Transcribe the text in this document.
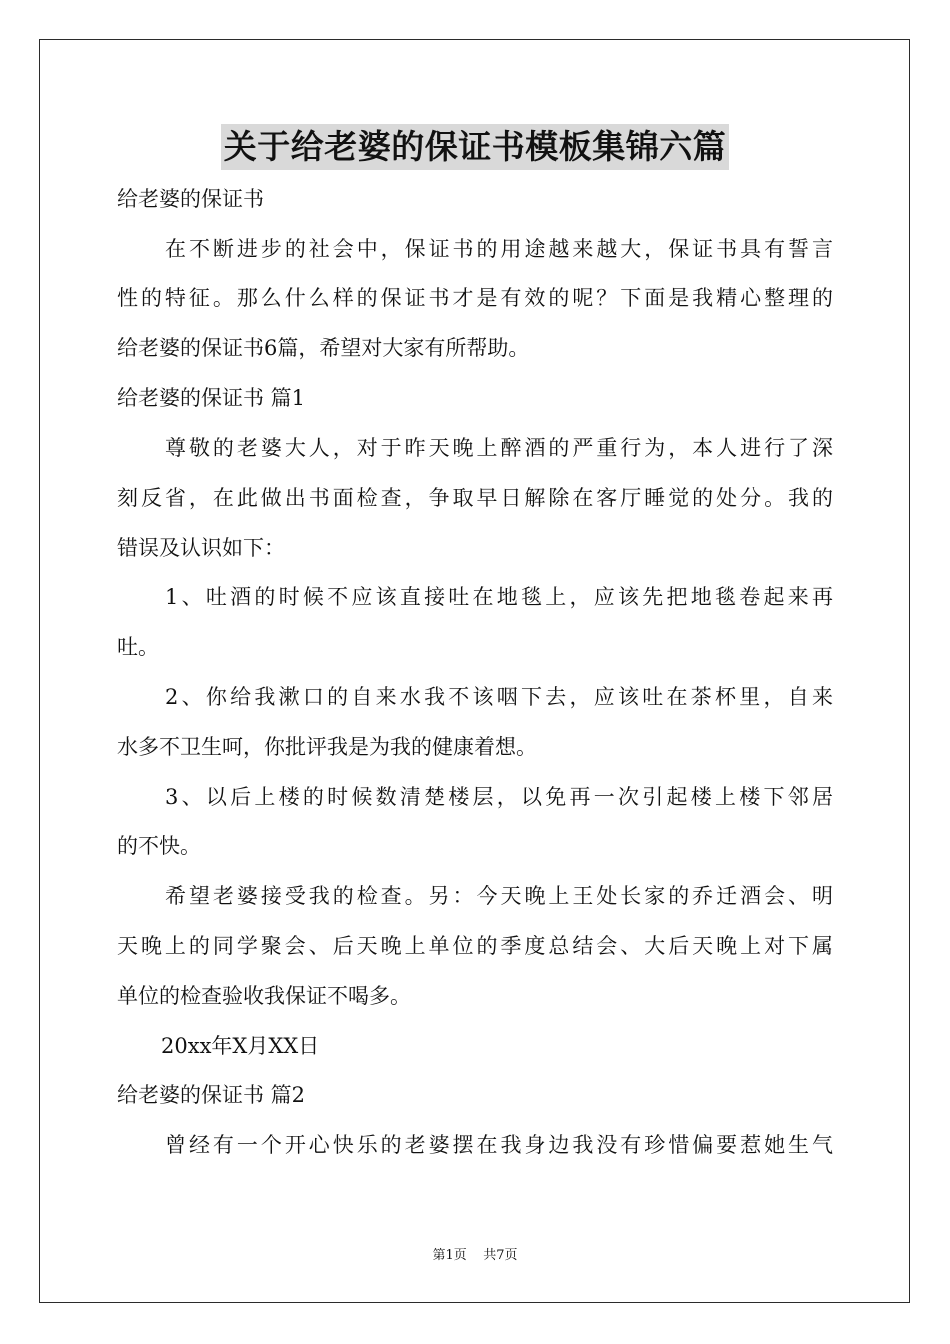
关于给老婆的保证书模板集锦六篇
给老婆的保证书
在不断进步的社会中，保证书的用途越来越大，保证书具有誓言
性的特征。那么什么样的保证书才是有效的呢？下面是我精心整理的
给老婆的保证书6篇，希望对大家有所帮助。
给老婆的保证书 篇1
尊敬的老婆大人，对于昨天晚上醉酒的严重行为，本人进行了深
刻反省，在此做出书面检查，争取早日解除在客厅睡觉的处分。我的
错误及认识如下：
1、吐酒的时候不应该直接吐在地毯上，应该先把地毯卷起来再
吐。
2、你给我漱口的自来水我不该咽下去，应该吐在茶杯里，自来
水多不卫生呵，你批评我是为我的健康着想。
3、以后上楼的时候数清楚楼层，以免再一次引起楼上楼下邻居
的不快。
希望老婆接受我的检查。另：今天晚上王处长家的乔迁酒会、明
天晚上的同学聚会、后天晚上单位的季度总结会、大后天晚上对下属
单位的检查验收我保证不喝多。
20xx年X月XX日
给老婆的保证书 篇2
曾经有一个开心快乐的老婆摆在我身边我没有珍惜偏要惹她生气
第1页    共7页
